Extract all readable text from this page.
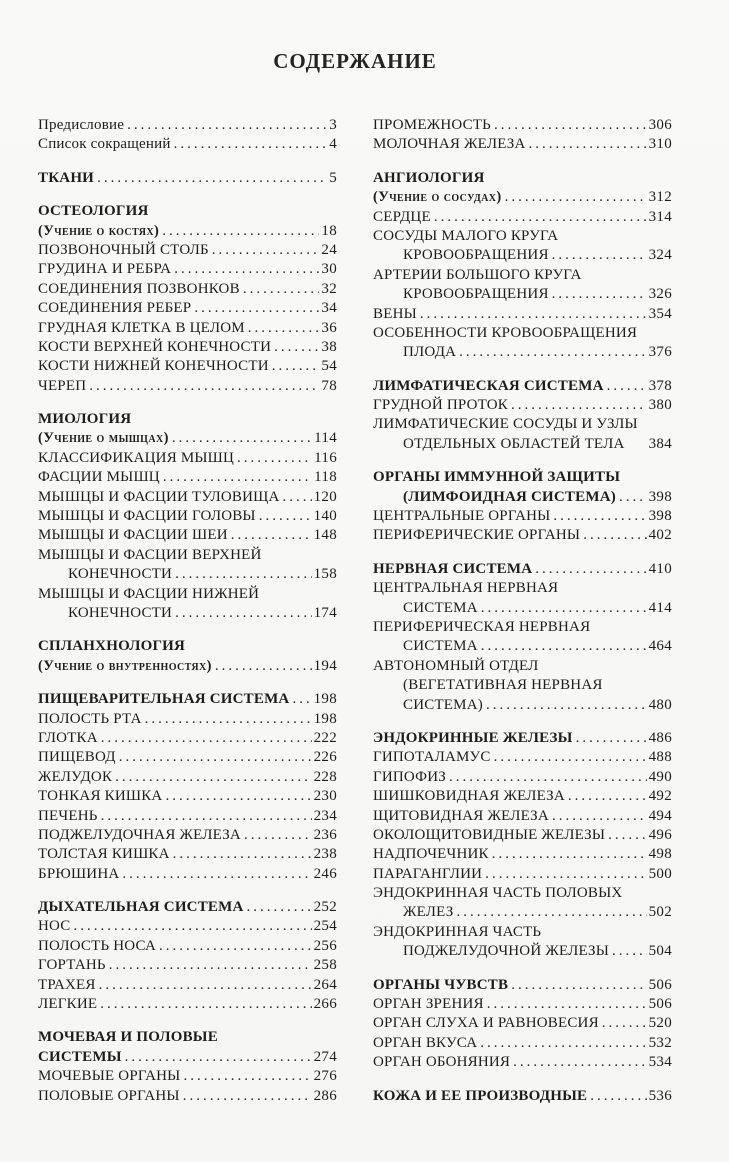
СОДЕРЖАНИЕ
Предисловие .....	3
Список сокращений .....	4
ТКАНИ .....	5
ОСТЕОЛОГИЯ
(Учение о костях) .....	18
ПОЗВОНОЧНЫЙ СТОЛБ .....	24
ГРУДИНА И РЕБРА .....	30
СОЕДИНЕНИЯ ПОЗВОНКОВ .....	32
СОЕДИНЕНИЯ РЕБЕР .....	34
ГРУДНАЯ КЛЕТКА В ЦЕЛОМ .....	36
КОСТИ ВЕРХНЕЙ КОНЕЧНОСТИ .....	38
КОСТИ НИЖНЕЙ КОНЕЧНОСТИ .....	54
ЧЕРЕП .....	78
МИОЛОГИЯ
(Учение о мышцах) .....	114
КЛАССИФИКАЦИЯ МЫШЦ .....	116
ФАСЦИИ МЫШЦ .....	118
МЫШЦЫ И ФАСЦИИ ТУЛОВИЩА ..... 120
МЫШЦЫ И ФАСЦИИ ГОЛОВЫ .....	140
МЫШЦЫ И ФАСЦИИ ШЕИ .....	148
МЫШЦЫ И ФАСЦИИ ВЕРХНЕЙ
КОНЕЧНОСТИ .....	158
МЫШЦЫ И ФАСЦИИ НИЖНЕЙ
КОНЕЧНОСТИ .....	174
СПЛАНХНОЛОГИЯ
(Учение о внутренностях) .....	194
ПИЩЕВАРИТЕЛЬНАЯ СИСТЕМА ..... 198
ПОЛОСТЬ РТА .....	198
ГЛОТКА .....	222
ПИЩЕВОД .....	226
ЖЕЛУДОК .....	228
ТОНКАЯ КИШКА .....	230
ПЕЧЕНЬ .....	234
ПОДЖЕЛУДОЧНАЯ ЖЕЛЕЗА .....	236
ТОЛСТАЯ КИШКА .....	238
БРЮШИНА .....	246
ДЫХАТЕЛЬНАЯ СИСТЕМА .....	252
НОС .....	254
ПОЛОСТЬ НОСА .....	256
ГОРТАНЬ .....	258
ТРАХЕЯ .....	264
ЛЕГКИЕ .....	266
МОЧЕВАЯ И ПОЛОВЫЕ
СИСТЕМЫ .....	274
МОЧЕВЫЕ ОРГАНЫ .....	276
ПОЛОВЫЕ ОРГАНЫ .....	286
ПРОМЕЖНОСТЬ .....	306
МОЛОЧНАЯ ЖЕЛЕЗА .....	310
АНГИОЛОГИЯ
(Учение о сосудах) .....	312
СЕРДЦЕ .....	314
СОСУДЫ МАЛОГО КРУГА
КРОВООБРАЩЕНИЯ .....	324
АРТЕРИИ БОЛЬШОГО КРУГА
КРОВООБРАЩЕНИЯ .....	326
ВЕНЫ .....	354
ОСОБЕННОСТИ КРОВООБРАЩЕНИЯ
ПЛОДА .....	376
ЛИМФАТИЧЕСКАЯ СИСТЕМА .....	378
ГРУДНОЙ ПРОТОК .....	380
ЛИМФАТИЧЕСКИЕ СОСУДЫ И УЗЛЫ
ОТДЕЛЬНЫХ ОБЛАСТЕЙ ТЕЛА 384
ОРГАНЫ ИММУННОЙ ЗАЩИТЫ
(ЛИМФОИДНАЯ СИСТЕМА) ..... 398
ЦЕНТРАЛЬНЫЕ ОРГАНЫ .....	398
ПЕРИФЕРИЧЕСКИЕ ОРГАНЫ .....	402
НЕРВНАЯ СИСТЕМА .....	410
ЦЕНТРАЛЬНАЯ НЕРВНАЯ
СИСТЕМА .....	414
ПЕРИФЕРИЧЕСКАЯ НЕРВНАЯ
СИСТЕМА .....	464
АВТОНОМНЫЙ ОТДЕЛ
(ВЕГЕТАТИВНАЯ НЕРВНАЯ
СИСТЕМА) .....	480
ЭНДОКРИННЫЕ ЖЕЛЕЗЫ .....	486
ГИПОТАЛАМУС .....	488
ГИПОФИЗ .....	490
ШИШКОВИДНАЯ ЖЕЛЕЗА .....	492
ЩИТОВИДНАЯ ЖЕЛЕЗА .....	494
ОКОЛОЩИТОВИДНЫЕ ЖЕЛЕЗЫ .....	496
НАДПОЧЕЧНИК .....	498
ПАРАГАНГЛИИ .....	500
ЭНДОКРИННАЯ ЧАСТЬ ПОЛОВЫХ
ЖЕЛЕЗ .....	502
ЭНДОКРИННАЯ ЧАСТЬ
ПОДЖЕЛУДОЧНОЙ ЖЕЛЕЗЫ .....	504
ОРГАНЫ ЧУВСТВ .....	506
ОРГАН ЗРЕНИЯ .....	506
ОРГАН СЛУХА И РАВНОВЕСИЯ .....	520
ОРГАН ВКУСА .....	532
ОРГАН ОБОНЯНИЯ .....	534
КОЖА И ЕЕ ПРОИЗВОДНЫЕ .....	536
